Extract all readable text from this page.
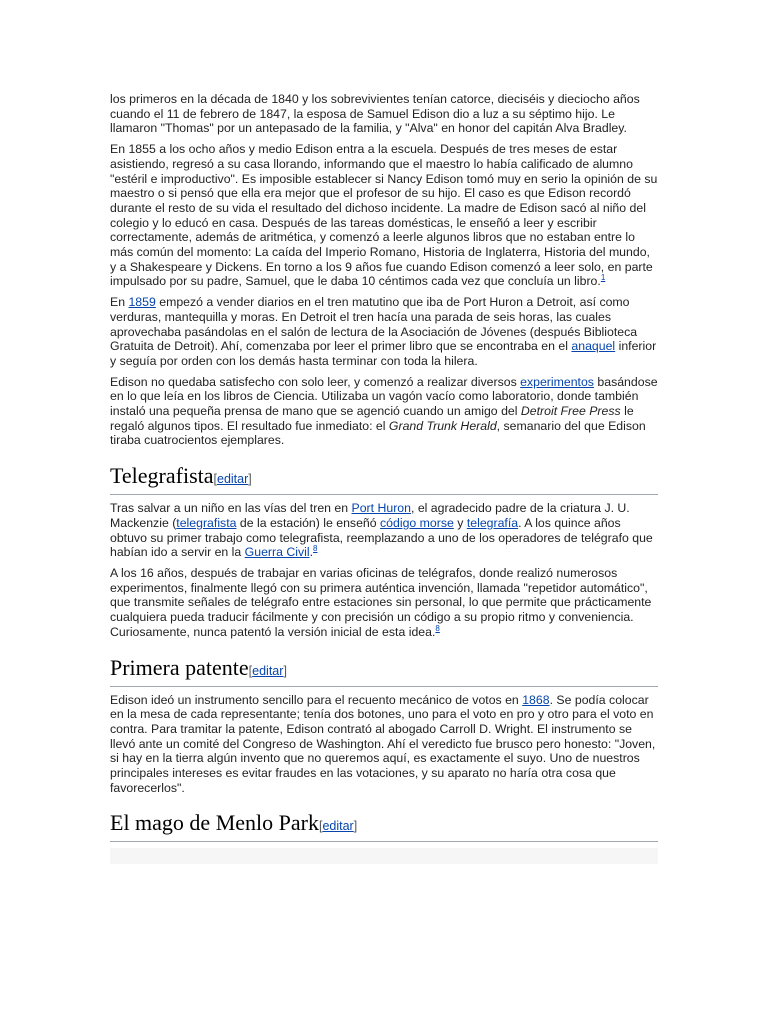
los primeros en la década de 1840 y los sobrevivientes tenían catorce, dieciséis y dieciocho años cuando el 11 de febrero de 1847, la esposa de Samuel Edison dio a luz a su séptimo hijo. Le llamaron "Thomas" por un antepasado de la familia, y "Alva" en honor del capitán Alva Bradley.

En 1855 a los ocho años y medio Edison entra a la escuela. Después de tres meses de estar asistiendo, regresó a su casa llorando, informando que el maestro lo había calificado de alumno "estéril e improductivo". Es imposible establecer si Nancy Edison tomó muy en serio la opinión de su maestro o si pensó que ella era mejor que el profesor de su hijo. El caso es que Edison recordó durante el resto de su vida el resultado del dichoso incidente. La madre de Edison sacó al niño del colegio y lo educó en casa. Después de las tareas domésticas, le enseñó a leer y escribir correctamente, además de aritmética, y comenzó a leerle algunos libros que no estaban entre lo más común del momento: La caída del Imperio Romano, Historia de Inglaterra, Historia del mundo, y a Shakespeare y Dickens. En torno a los 9 años fue cuando Edison comenzó a leer solo, en parte impulsado por su padre, Samuel, que le daba 10 céntimos cada vez que concluía un libro.$^1$

En 1859 empezó a vender diarios en el tren matutino que iba de Port Huron a Detroit, así como verduras, mantequilla y moras. En Detroit el tren hacía una parada de seis horas, las cuales aprovechaba pasándolas en el salón de lectura de la Asociación de Jóvenes (después Biblioteca Gratuita de Detroit). Ahí, comenzaba por leer el primer libro que se encontraba en el anaquel inferior y seguía por orden con los demás hasta terminar con toda la hilera.

Edison no quedaba satisfecho con solo leer, y comenzó a realizar diversos experimentos basándose en lo que leía en los libros de Ciencia. Utilizaba un vagón vacío como laboratorio, donde también instaló una pequeña prensa de mano que se agenció cuando un amigo del Detroit Free Press le regaló algunos tipos. El resultado fue inmediato: el Grand Trunk Herald, semanario del que Edison tiraba cuatrocientos ejemplares.

Telegrafista[editar]

Tras salvar a un niño en las vías del tren en Port Huron, el agradecido padre de la criatura J. U. Mackenzie (telegrafista de la estación) le enseñó código morse y telegrafía. A los quince años obtuvo su primer trabajo como telegrafista, reemplazando a uno de los operadores de telégrafo que habían ido a servir en la Guerra Civil.$^8$

A los 16 años, después de trabajar en varias oficinas de telégrafos, donde realizó numerosos experimentos, finalmente llegó con su primera auténtica invención, llamada "repetidor automático", que transmite señales de telégrafo entre estaciones sin personal, lo que permite que prácticamente cualquiera pueda traducir fácilmente y con precisión un código a su propio ritmo y conveniencia. Curiosamente, nunca patentó la versión inicial de esta idea.$^8$

Primera patente[editar]

Edison ideó un instrumento sencillo para el recuento mecánico de votos en 1868. Se podía colocar en la mesa de cada representante; tenía dos botones, uno para el voto en pro y otro para el voto en contra. Para tramitar la patente, Edison contrató al abogado Carroll D. Wright. El instrumento se llevó ante un comité del Congreso de Washington. Ahí el veredicto fue brusco pero honesto: "Joven, si hay en la tierra algún invento que no queremos aquí, es exactamente el suyo. Uno de nuestros principales intereses es evitar fraudes en las votaciones, y su aparato no haría otra cosa que favorecerlos".

El mago de Menlo Park[editar]
